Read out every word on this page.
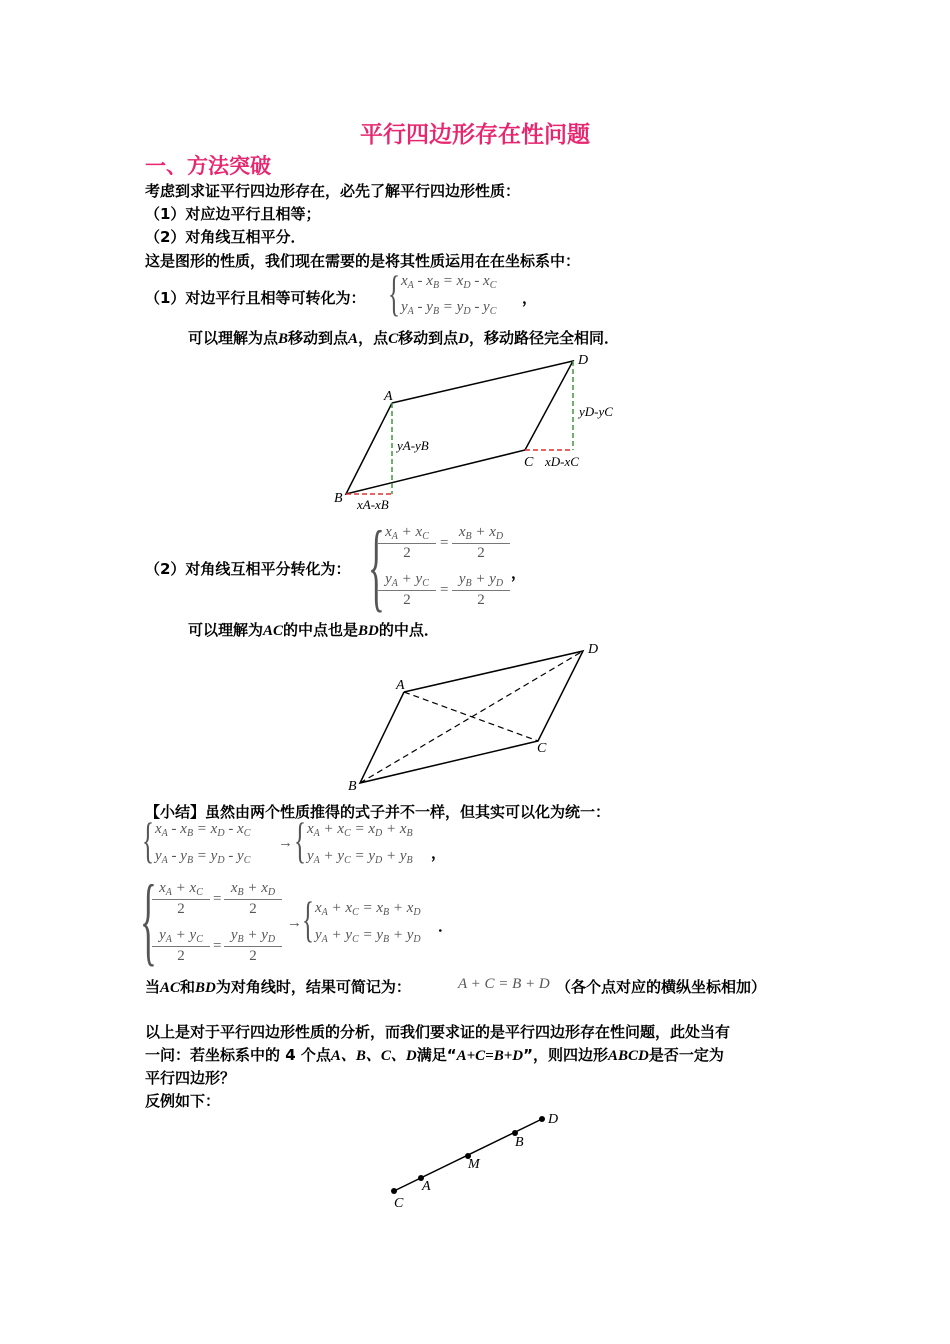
平行四边形存在性问题
一、方法突破
考虑到求证平行四边形存在，必先了解平行四边形性质：
（1）对应边平行且相等；
（2）对角线互相平分．
这是图形的性质，我们现在需要的是将其性质运用在在坐标系中：
（1）对边平行且相等可转化为： { $x_A - x_B = x_D - x_C$
$y_A - y_B = y_D - y_C$
，
可以理解为点B移动到点A，点C移动到点D，移动路径完全相同．
A
B
C
D
yA-yB
xA-xB
yD-yC
xD-xC
（2）对角线互相平分转化为： {
$\frac{x_A + x_C}{2} = \frac{x_B + x_D}{2}$
$\frac{y_A + y_C}{2} = \frac{y_B + y_D}{2}$ ，
可以理解为AC的中点也是BD的中点．
A
B
C
D
【小结】虽然由两个性质推得的式子并不一样，但其实可以化为统一：
{ $x_A - x_B = x_D - x_C$
$y_A - y_B = y_D - y_C$
→ { $x_A + x_C = x_D + x_B$
$y_A + y_C = y_D + y_B$ ，
{
$\frac{x_A + x_C}{2} = \frac{x_B + x_D}{2}$
$\frac{y_A + y_C}{2} = \frac{y_B + y_D}{2}$
→ { $x_A + x_C = x_B + x_D$
$y_A + y_C = y_B + y_D$
．
当AC和BD为对角线时，结果可简记为：	A + C = B + D （各个点对应的横纵坐标相加）
以上是对于平行四边形性质的分析，而我们要求证的是平行四边形存在性问题，此处当有
一问：若坐标系中的 4 个点A、B、C、D满足“A+C=B+D”，则四边形ABCD是否一定为
平行四边形？
反例如下：
C
A
M
B
D
